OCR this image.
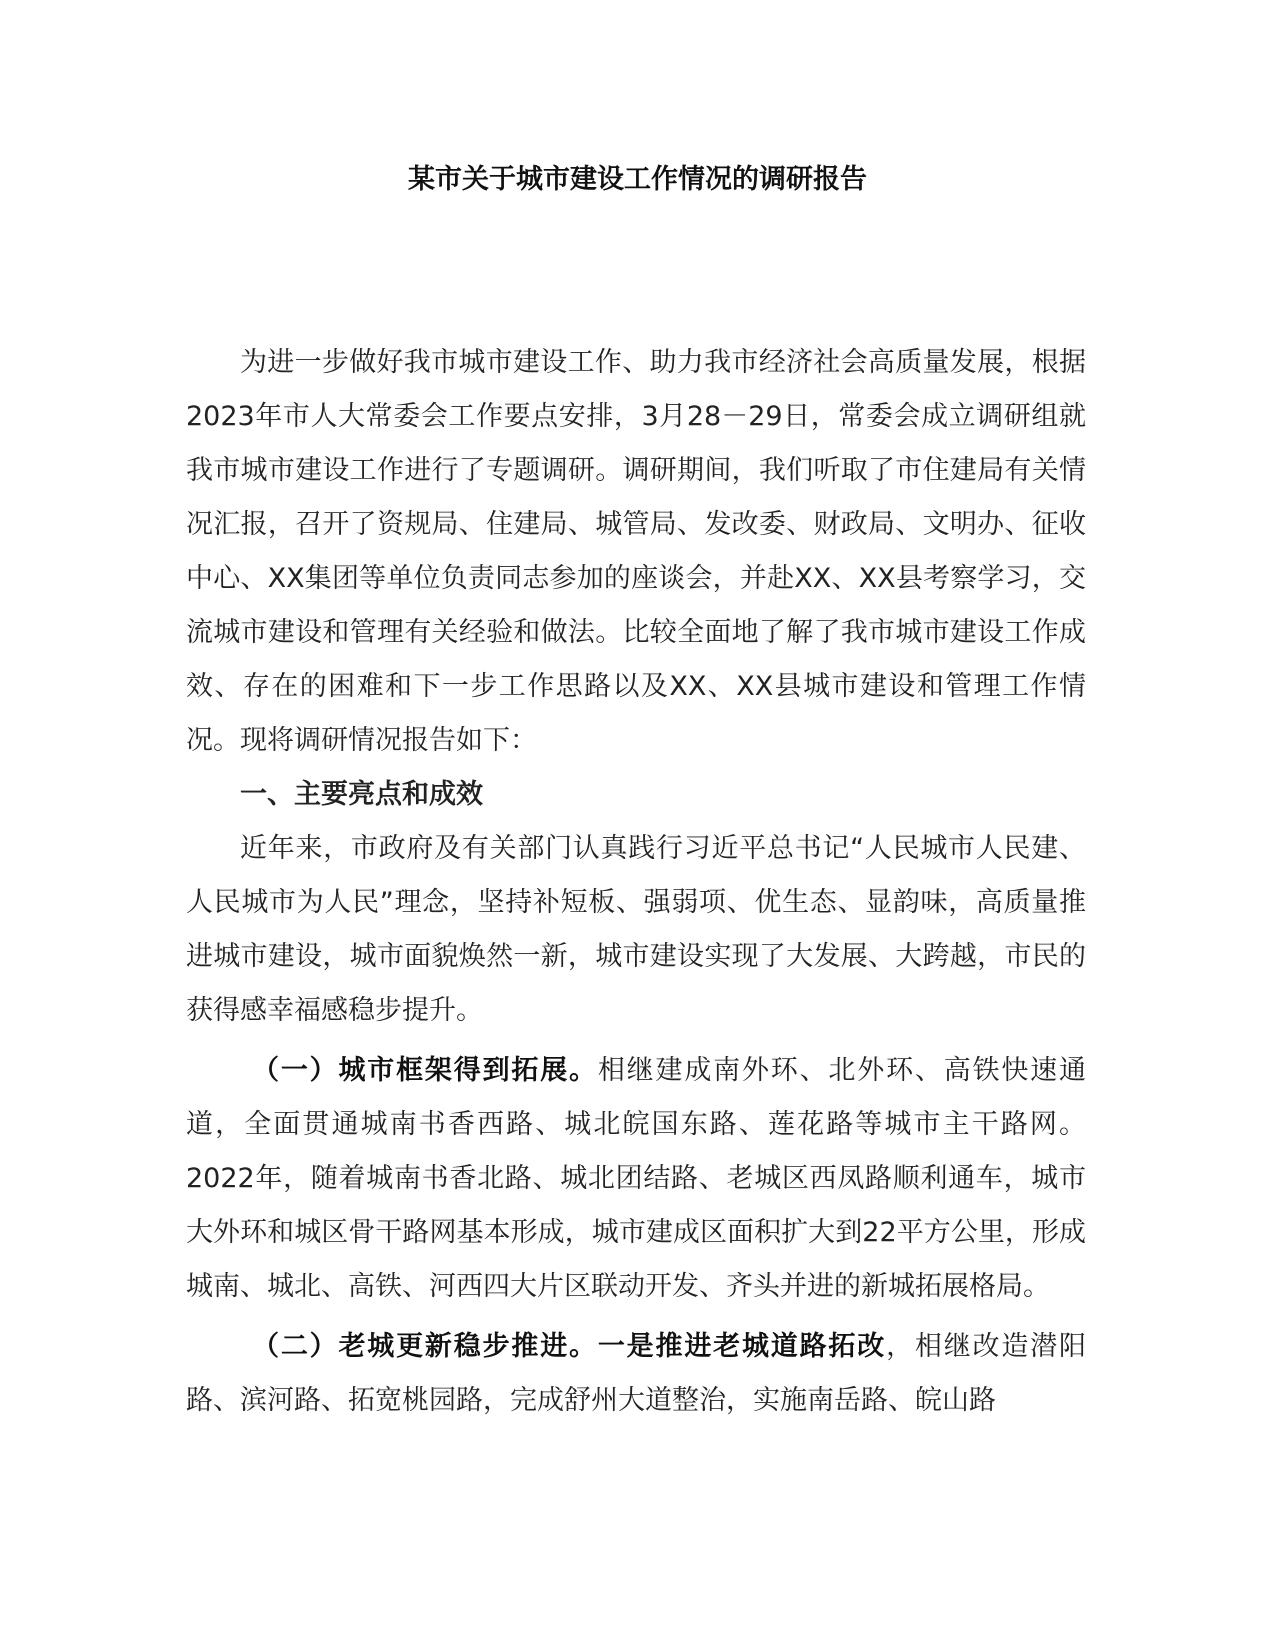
某市关于城市建设工作情况的调研报告

为进一步做好我市城市建设工作、助力我市经济社会高质量发展，根据2023年市人大常委会工作要点安排，3月28－29日，常委会成立调研组就我市城市建设工作进行了专题调研。调研期间，我们听取了市住建局有关情况汇报，召开了资规局、住建局、城管局、发改委、财政局、文明办、征收中心、XX集团等单位负责同志参加的座谈会，并赴XX、XX县考察学习，交流城市建设和管理有关经验和做法。比较全面地了解了我市城市建设工作成效、存在的困难和下一步工作思路以及XX、XX县城市建设和管理工作情况。现将调研情况报告如下：

一、主要亮点和成效

近年来，市政府及有关部门认真践行习近平总书记“人民城市人民建、人民城市为人民”理念，坚持补短板、强弱项、优生态、显韵味，高质量推进城市建设，城市面貌焕然一新，城市建设实现了大发展、大跨越，市民的获得感幸福感稳步提升。

（一）城市框架得到拓展。相继建成南外环、北外环、高铁快速通道，全面贯通城南书香西路、城北皖国东路、莲花路等城市主干路网。2022年，随着城南书香北路、城北团结路、老城区西凤路顺利通车，城市大外环和城区骨干路网基本形成，城市建成区面积扩大到22平方公里，形成城南、城北、高铁、河西四大片区联动开发、齐头并进的新城拓展格局。

（二）老城更新稳步推进。一是推进老城道路拓改，相继改造潜阳路、滨河路、拓宽桃园路，完成舒州大道整治，实施南岳路、皖山路
